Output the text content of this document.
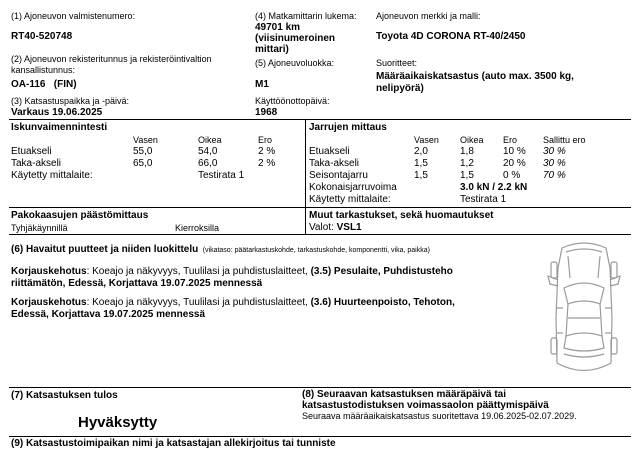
(1) Ajoneuvon valmistenumero:
RT40-520748
(4) Matkamittarin lukema:
49701 km
(viisinumeroinen
mittari)
Ajoneuvon merkki ja malli:
Toyota 4D CORONA RT-40/2450
(2) Ajoneuvon rekisteritunnus ja rekisteröintivaltion
kansallistunnus:
OA-116   (FIN)
(5) Ajoneuvoluokka:
M1
Suoritteet:
Määräaikaiskatsastus (auto max. 3500 kg,
nelipyörä)
(3) Katsastuspaikka ja -päivä:
Varkaus 19.06.2025
Käyttöönottopäivä:
1968
Iskunvaimennintesti
Vasen	Oikea	Ero
Etuakseli	55,0	54,0	2 %
Taka-akseli	65,0	66,0	2 %
Käytetty mittalaite:	Testirata 1
Jarrujen mittaus
Vasen Oikea Ero	Sallittu ero
Etuakseli	2,0	1,8	10 % 30 %
Taka-akseli	1,5	1,2	20 % 30 %
Seisontajarru	1,5	1,5	0 % 70 %
Kokonaisjarruvoima	3.0 kN / 2.2 kN
Käytetty mittalaite:	Testirata 1
Pakokaasujen päästömittaus
Tyhjäkäynnillä	Kierroksilla
Muut tarkastukset, sekä huomautukset
Valot: VSL1
(6) Havaitut puutteet ja niiden luokittelu (vikataso: päätarkastuskohde, tarkastuskohde, komponentti, vika, paikka)
Korjauskehotus: Koeajo ja näkyvyys, Tuulilasi ja puhdistuslaitteet, (3.5) Pesulaite, Puhdistusteho
riittämätön, Edessä, Korjattava 19.07.2025 mennessä
Korjauskehotus: Koeajo ja näkyvyys, Tuulilasi ja puhdistuslaitteet, (3.6) Huurteenpoisto, Tehoton,
Edessä, Korjattava 19.07.2025 mennessä
(7) Katsastuksen tulos
Hyväksytty
(8) Seuraavan katsastuksen määräpäivä tai
katsastustodistuksen voimassaolon päättymispäivä
Seuraava määräaikaiskatsastus suoritettava 19.06.2025-02.07.2029.
(9) Katsastustoimipaikan nimi ja katsastajan allekirjoitus tai tunniste
